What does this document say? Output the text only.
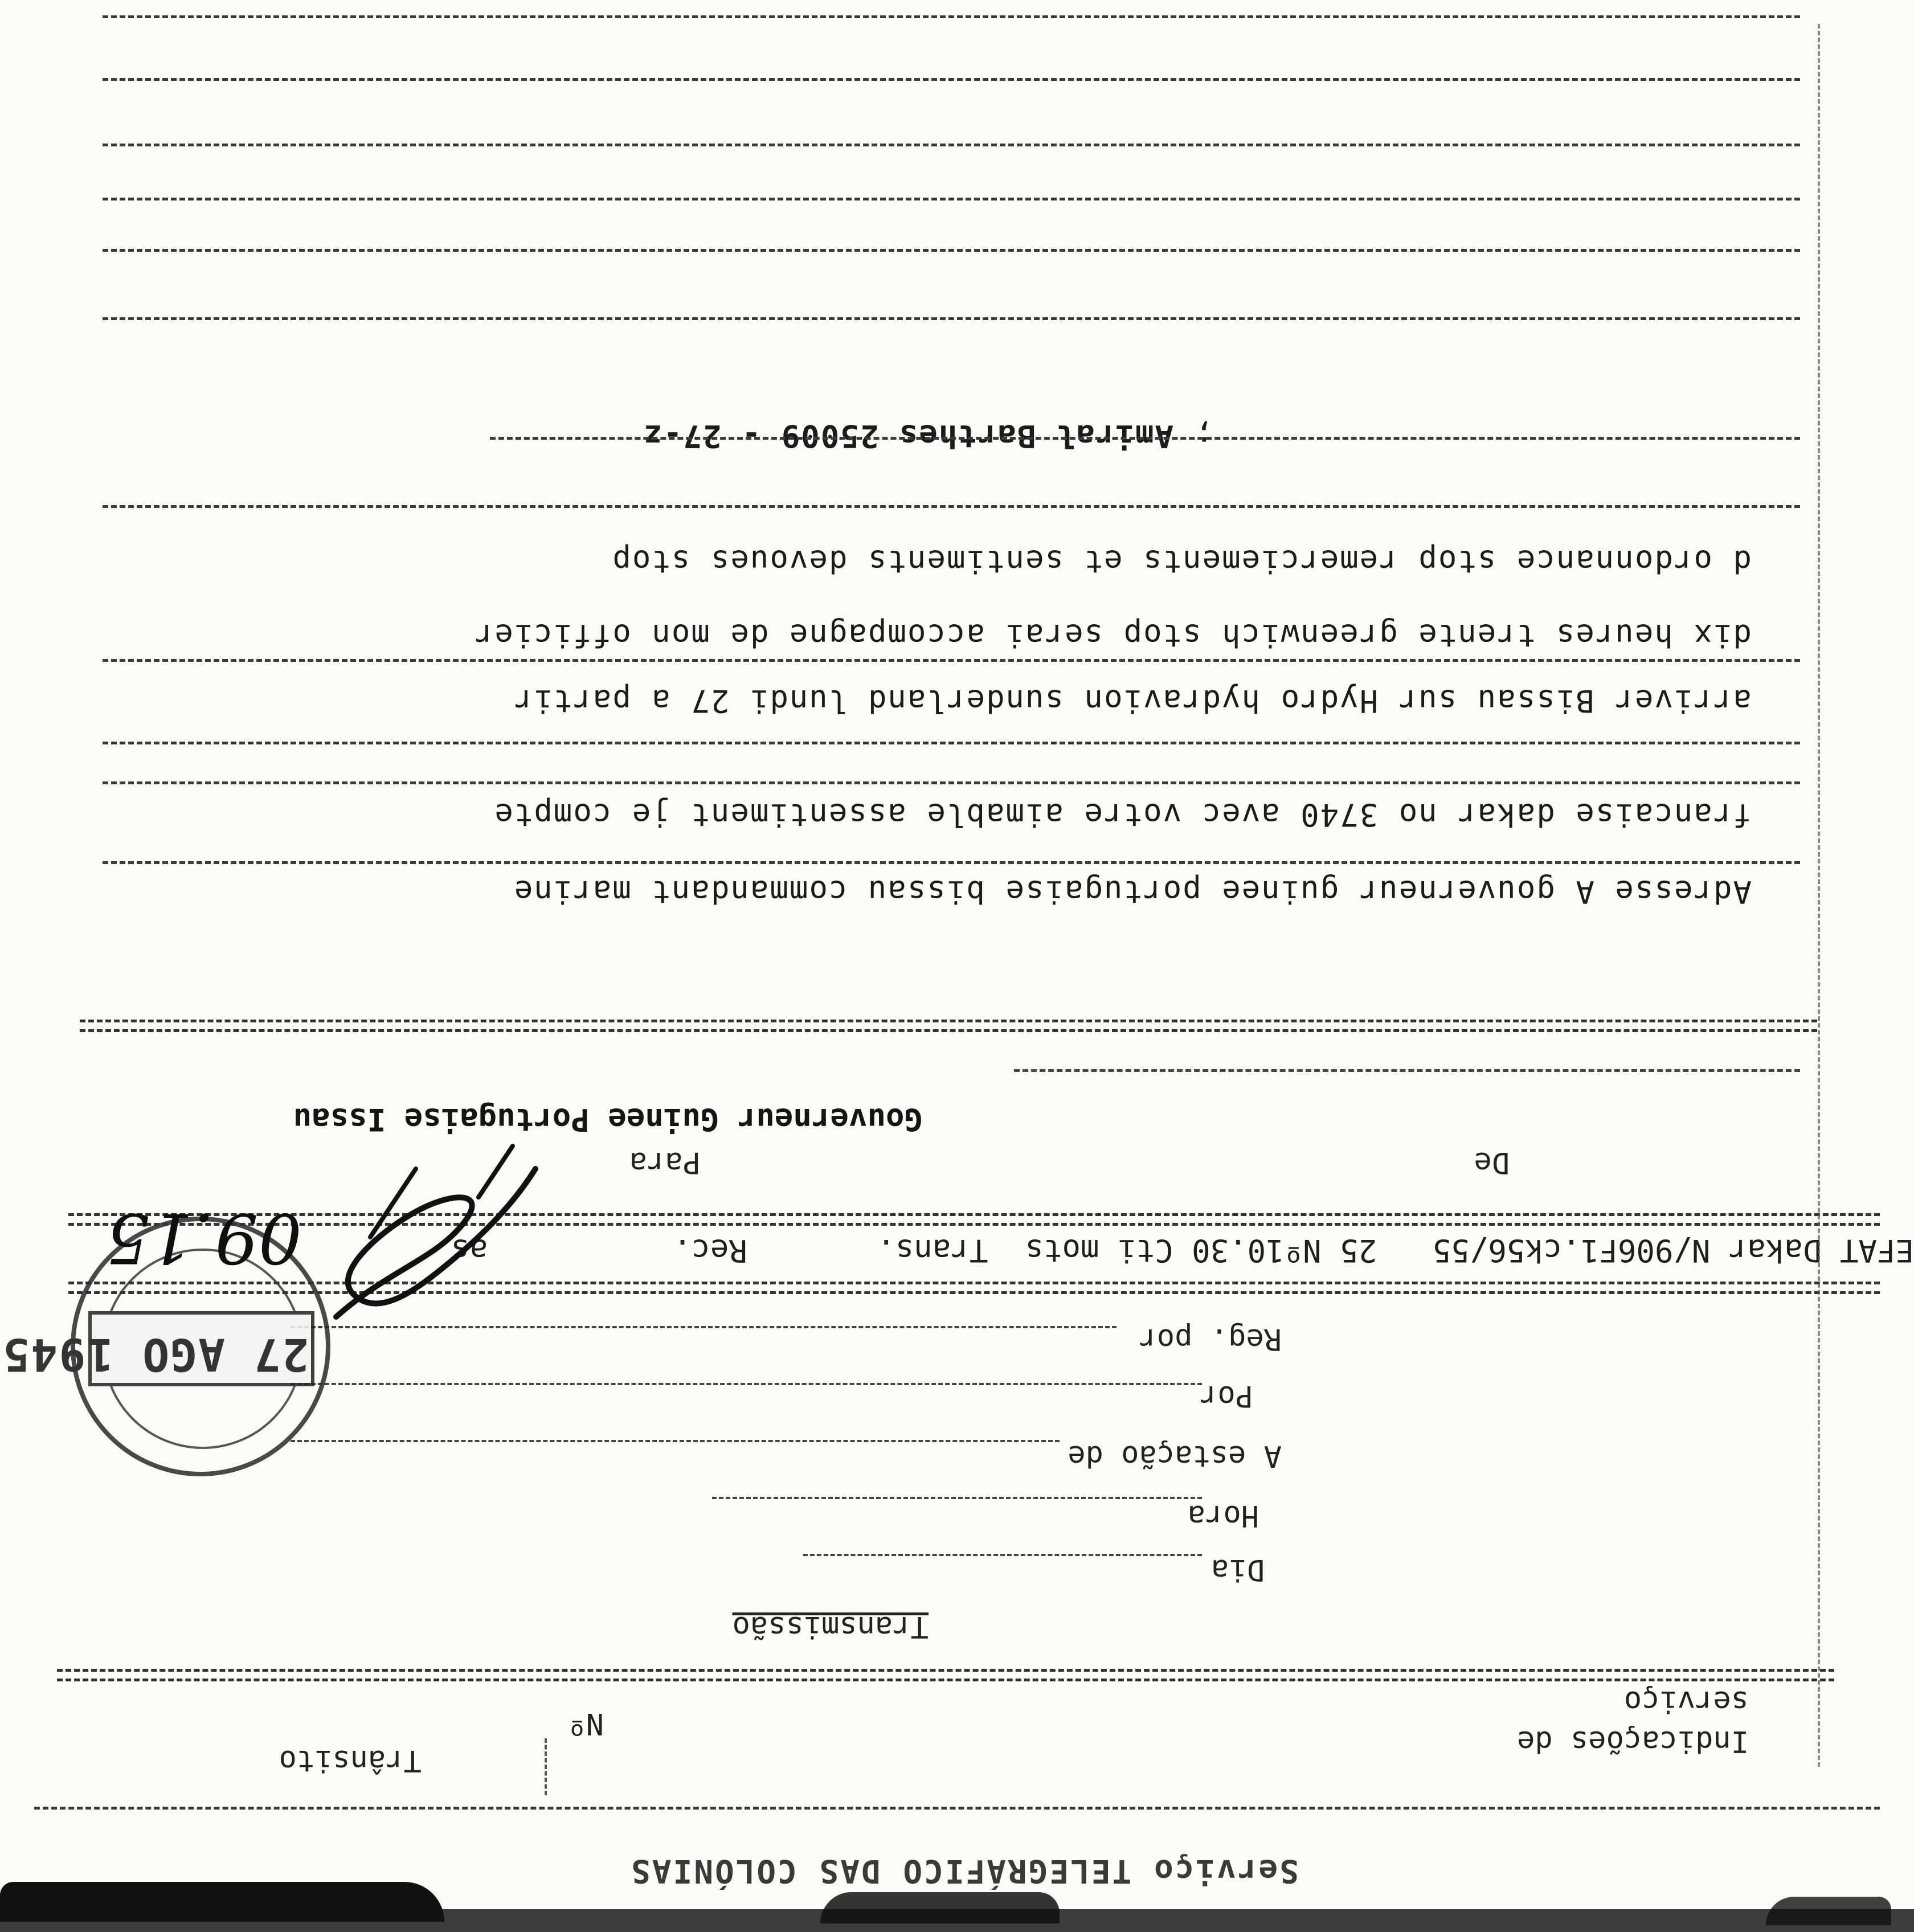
Serviço TELEGRÁFICO DAS COLÓNIAS
Trânsito
Nº
Indicações de serviço
Transmissão
Dia
Hora
A estação de
Por
Reg. por
27 AGO 1945
EFAT Dakar N/906F1.ck56/55   25 Nº10.30 Cti mots  Trans.       Rec.          as
09.15
De
Para
Gouverneur Guinee Portugaise Issau
Adresse A gouverneur guinee portugaise bissau commandant marine
francaise dakar no 3740 avec votre aimable assentiment je compte
arriver Bissau sur Hydro hydravion sunderland lundi 27 a partir
dix heures trente greenwich stop serai accompagne de mon officier
d ordonnance stop remerciements et sentiments devoues stop
Amiral Barthes 25009 - 27-z ;
